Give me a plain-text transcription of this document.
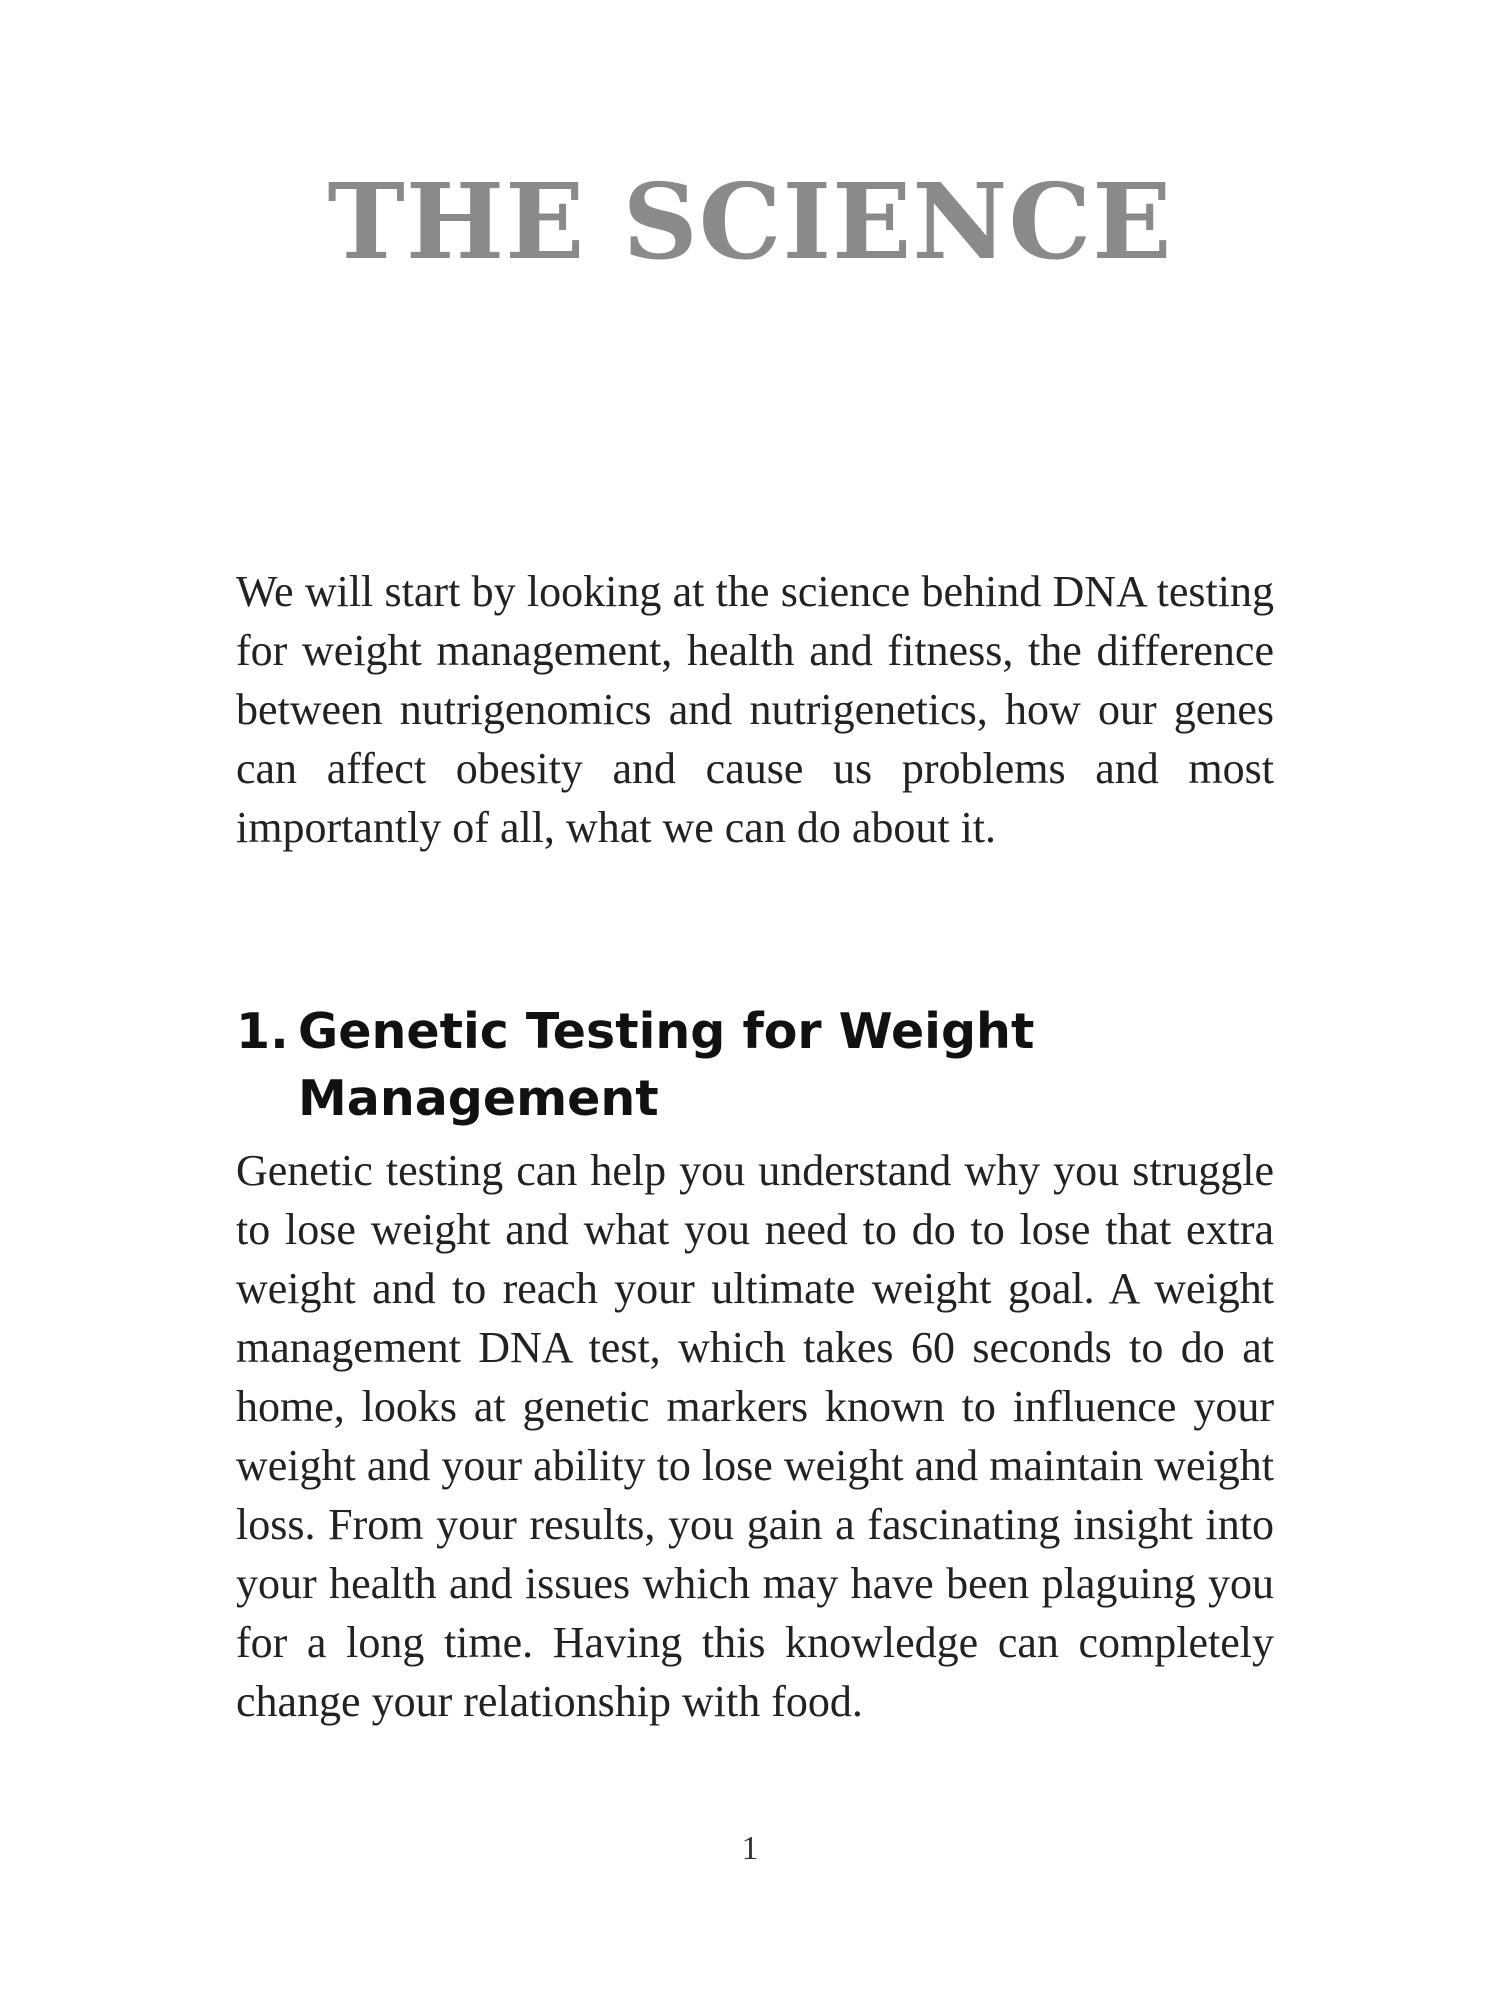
THE SCIENCE

We will start by looking at the science behind DNA testing for weight management, health and fitness, the difference between nutrigenomics and nutrigenetics, how our genes can affect obesity and cause us problems and most importantly of all, what we can do about it.

1. Genetic Testing for Weight
Management

Genetic testing can help you understand why you struggle to lose weight and what you need to do to lose that extra weight and to reach your ultimate weight goal. A weight management DNA test, which takes 60 seconds to do at home, looks at genetic markers known to influence your weight and your ability to lose weight and maintain weight loss. From your results, you gain a fascinating insight into your health and issues which may have been plaguing you for a long time. Having this knowledge can completely change your relationship with food.

1
